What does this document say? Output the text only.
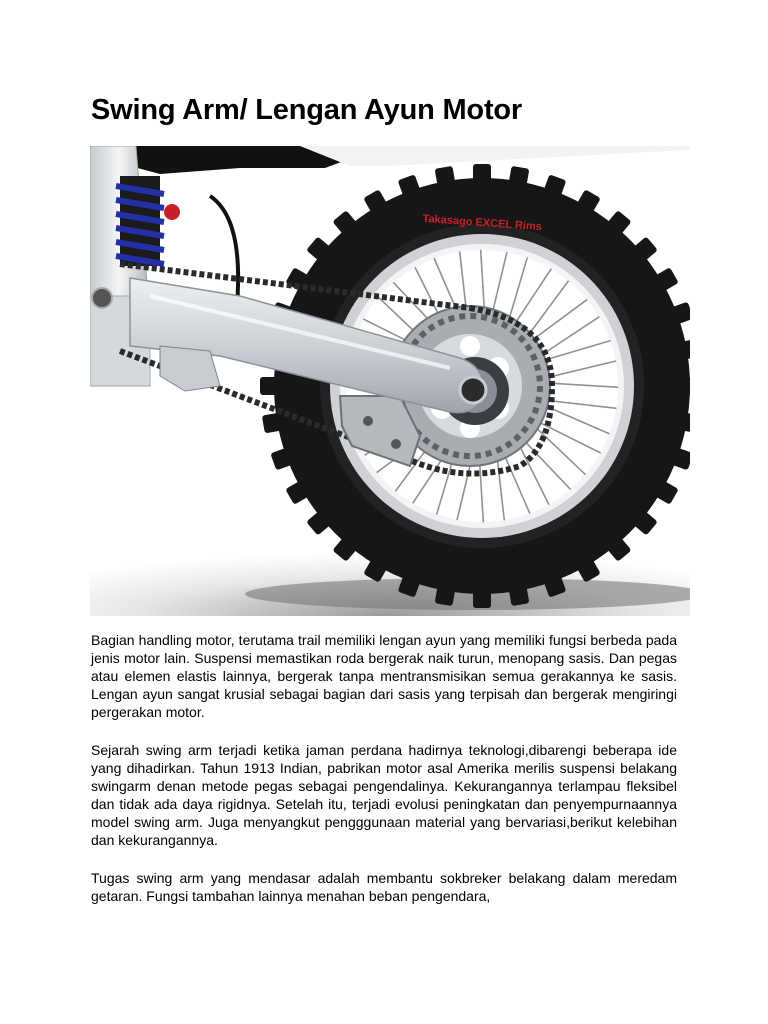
Swing Arm/ Lengan Ayun Motor
Takasago EXCEL Rims

Bagian handling motor, terutama trail memiliki lengan ayun yang memiliki fungsi berbeda pada jenis motor lain. Suspensi memastikan roda bergerak naik turun, menopang sasis. Dan pegas atau elemen elastis lainnya, bergerak tanpa mentransmisikan semua gerakannya ke sasis. Lengan ayun sangat krusial sebagai bagian dari sasis yang terpisah dan bergerak mengiringi pergerakan motor.

Sejarah swing arm terjadi ketika jaman perdana hadirnya teknologi,dibarengi beberapa ide yang dihadirkan. Tahun 1913 Indian, pabrikan motor asal Amerika merilis suspensi belakang swingarm denan metode pegas sebagai pengendalinya. Kekurangannya terlampau fleksibel dan tidak ada daya rigidnya. Setelah itu, terjadi evolusi peningkatan dan penyempurnaannya model swing arm. Juga menyangkut pengggunaan material yang bervariasi,berikut kelebihan dan kekurangannya.

Tugas swing arm yang mendasar adalah membantu sokbreker belakang dalam meredam getaran. Fungsi tambahan lainnya menahan beban pengendara,
